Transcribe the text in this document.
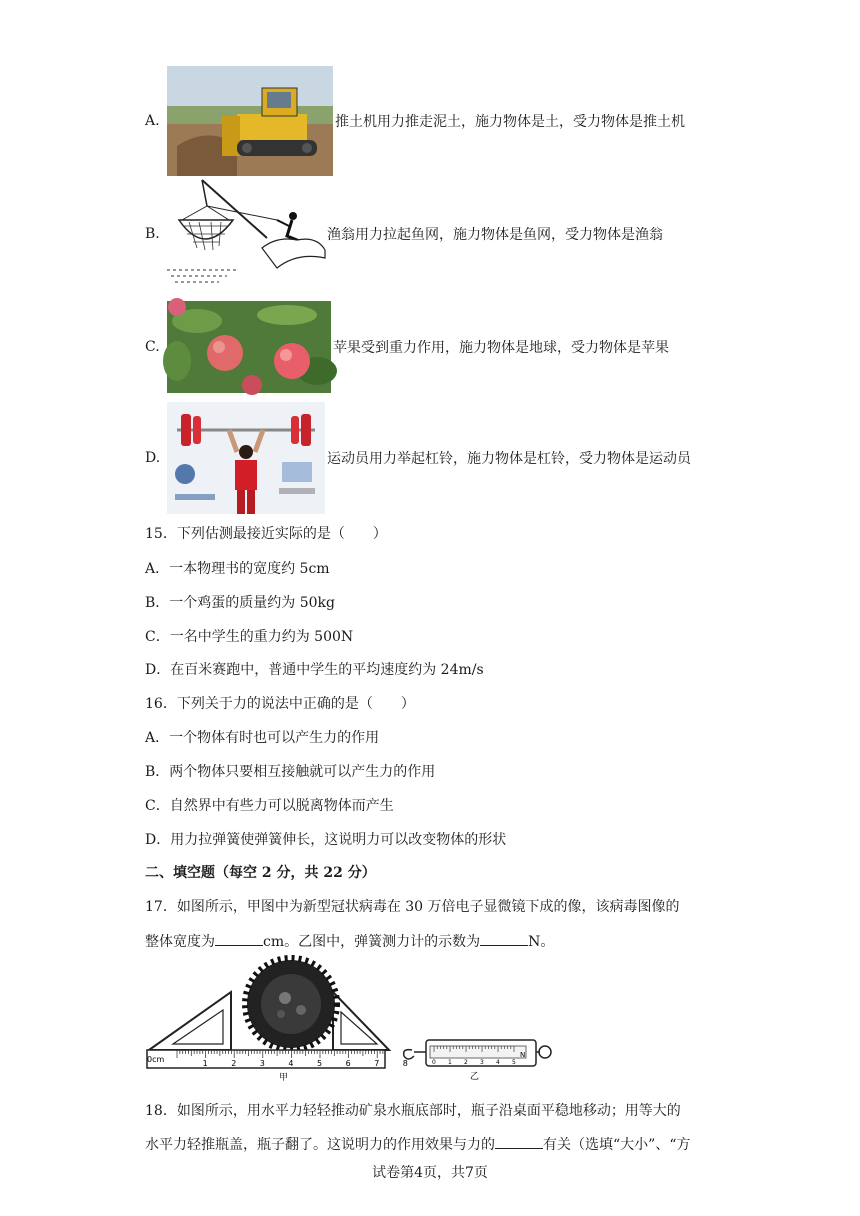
A.	推土机用力推走泥土，施力物体是土，受力物体是推土机
B.	渔翁用力拉起鱼网，施力物体是鱼网，受力物体是渔翁
C.	苹果受到重力作用，施力物体是地球，受力物体是苹果
D.	运动员用力举起杠铃，施力物体是杠铃，受力物体是运动员
15．下列估测最接近实际的是（　　）
A．一本物理书的宽度约 5cm
B．一个鸡蛋的质量约为 50kg
C．一名中学生的重力约为 500N
D．在百米赛跑中，普通中学生的平均速度约为 24m/s
16．下列关于力的说法中正确的是（　　）
A．一个物体有时也可以产生力的作用
B．两个物体只要相互接触就可以产生力的作用
C．自然界中有些力可以脱离物体而产生
D．用力拉弹簧使弹簧伸长，这说明力可以改变物体的形状
二、填空题（每空 2 分，共 22 分）
17．如图所示，甲图中为新型冠状病毒在 30 万倍电子显微镜下成的像，该病毒图像的
整体宽度为	cm。乙图中，弹簧测力计的示数为	N。
0cm	1	2	3	4	5	6	7	8
甲
0 1 2 3 4 5
N
乙
18．如图所示，用水平力轻轻推动矿泉水瓶底部时，瓶子沿桌面平稳地移动；用等大的
水平力轻推瓶盖，瓶子翻了。这说明力的作用效果与力的	有关（选填“大小”、“方
试卷第4页，共7页
